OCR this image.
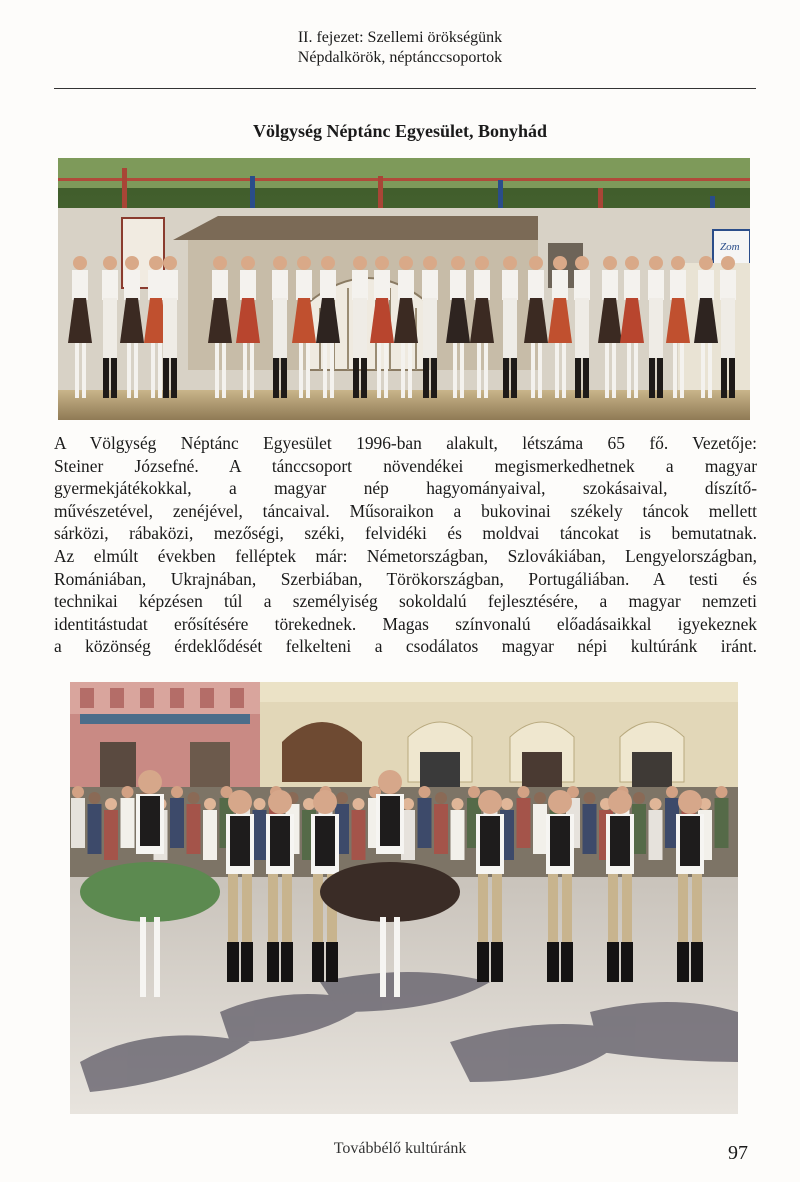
II. fejezet: Szellemi örökségünk
Népdalkörök, néptánccsoportok
Völgység Néptánc Egyesület, Bonyhád
Zom
A Völgység Néptánc Egyesület 1996-ban alakult, létszáma 65 fő. Vezetője:
Steiner Józsefné. A tánccsoport növendékei megismerkedhetnek a magyar
gyermekjátékokkal, a magyar nép hagyományaival, szokásaival, díszítő-
művészetével, zenéjével, táncaival. Műsoraikon a bukovinai székely táncok mellett
sárközi, rábaközi, mezőségi, széki, felvidéki és moldvai táncokat is bemutatnak.
Az elmúlt években felléptek már: Németországban, Szlovákiában, Lengyelországban,
Romániában, Ukrajnában, Szerbiában, Törökországban, Portugáliában. A testi és
technikai képzésen túl a személyiség sokoldalú fejlesztésére, a magyar nemzeti
identitástudat erősítésére törekednek. Magas színvonalú előadásaikkal igyekeznek
a közönség érdeklődését felkelteni a csodálatos magyar népi kultúránk iránt.
Továbbélő kultúránk	97
